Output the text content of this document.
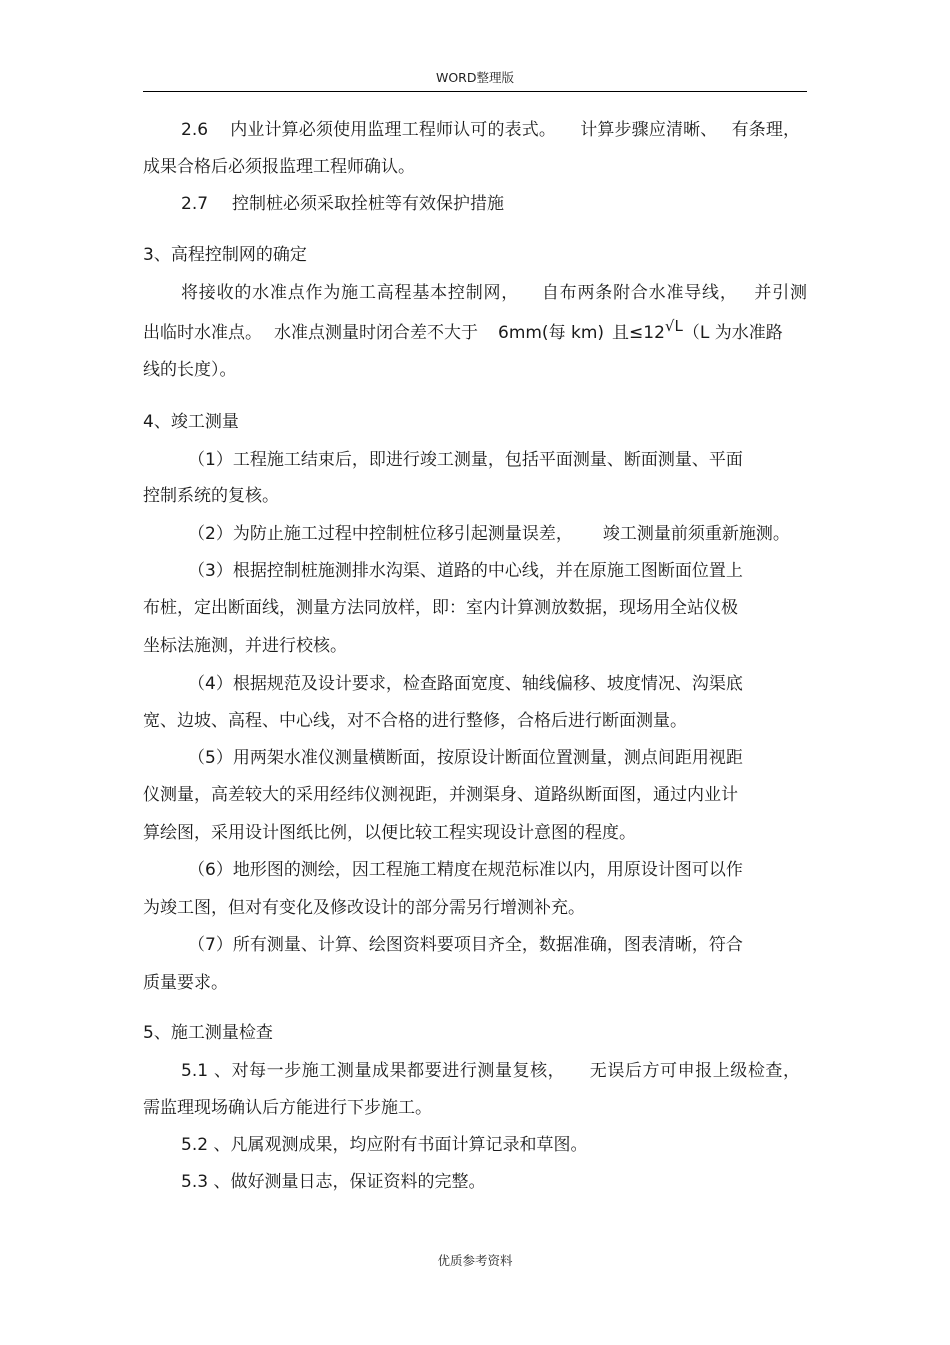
WORD整理版
2.6 内业计算必须使用监理工程师认可的表式。 计算步骤应清晰、 有条理，
成果合格后必须报监理工程师确认。
2.7 控制桩必须采取拴桩等有效保护措施
3、高程控制网的确定
将接收的水准点作为施工高程基本控制网， 自布两条附合水准导线， 并引测
出临时水准点。 水准点测量时闭合差不大于 6mm(每 km) 且≤12√L（L 为水准路
线的长度）。
4、竣工测量
（1）工程施工结束后，即进行竣工测量，包括平面测量、断面测量、平面
控制系统的复核。
（2）为防止施工过程中控制桩位移引起测量误差， 竣工测量前须重新施测。
（3）根据控制桩施测排水沟渠、道路的中心线，并在原施工图断面位置上
布桩，定出断面线，测量方法同放样，即：室内计算测放数据，现场用全站仪极
坐标法施测，并进行校核。
（4）根据规范及设计要求，检查路面宽度、轴线偏移、坡度情况、沟渠底
宽、边坡、高程、中心线，对不合格的进行整修，合格后进行断面测量。
（5）用两架水准仪测量横断面，按原设计断面位置测量，测点间距用视距
仪测量，高差较大的采用经纬仪测视距，并测渠身、道路纵断面图，通过内业计
算绘图，采用设计图纸比例，以便比较工程实现设计意图的程度。
（6）地形图的测绘，因工程施工精度在规范标准以内，用原设计图可以作
为竣工图，但对有变化及修改设计的部分需另行增测补充。
（7）所有测量、计算、绘图资料要项目齐全，数据准确，图表清晰，符合
质量要求。
5、施工测量检查
5.1 、对每一步施工测量成果都要进行测量复核， 无误后方可申报上级检查，
需监理现场确认后方能进行下步施工。
5.2 、凡属观测成果，均应附有书面计算记录和草图。
5.3 、做好测量日志，保证资料的完整。
优质参考资料
